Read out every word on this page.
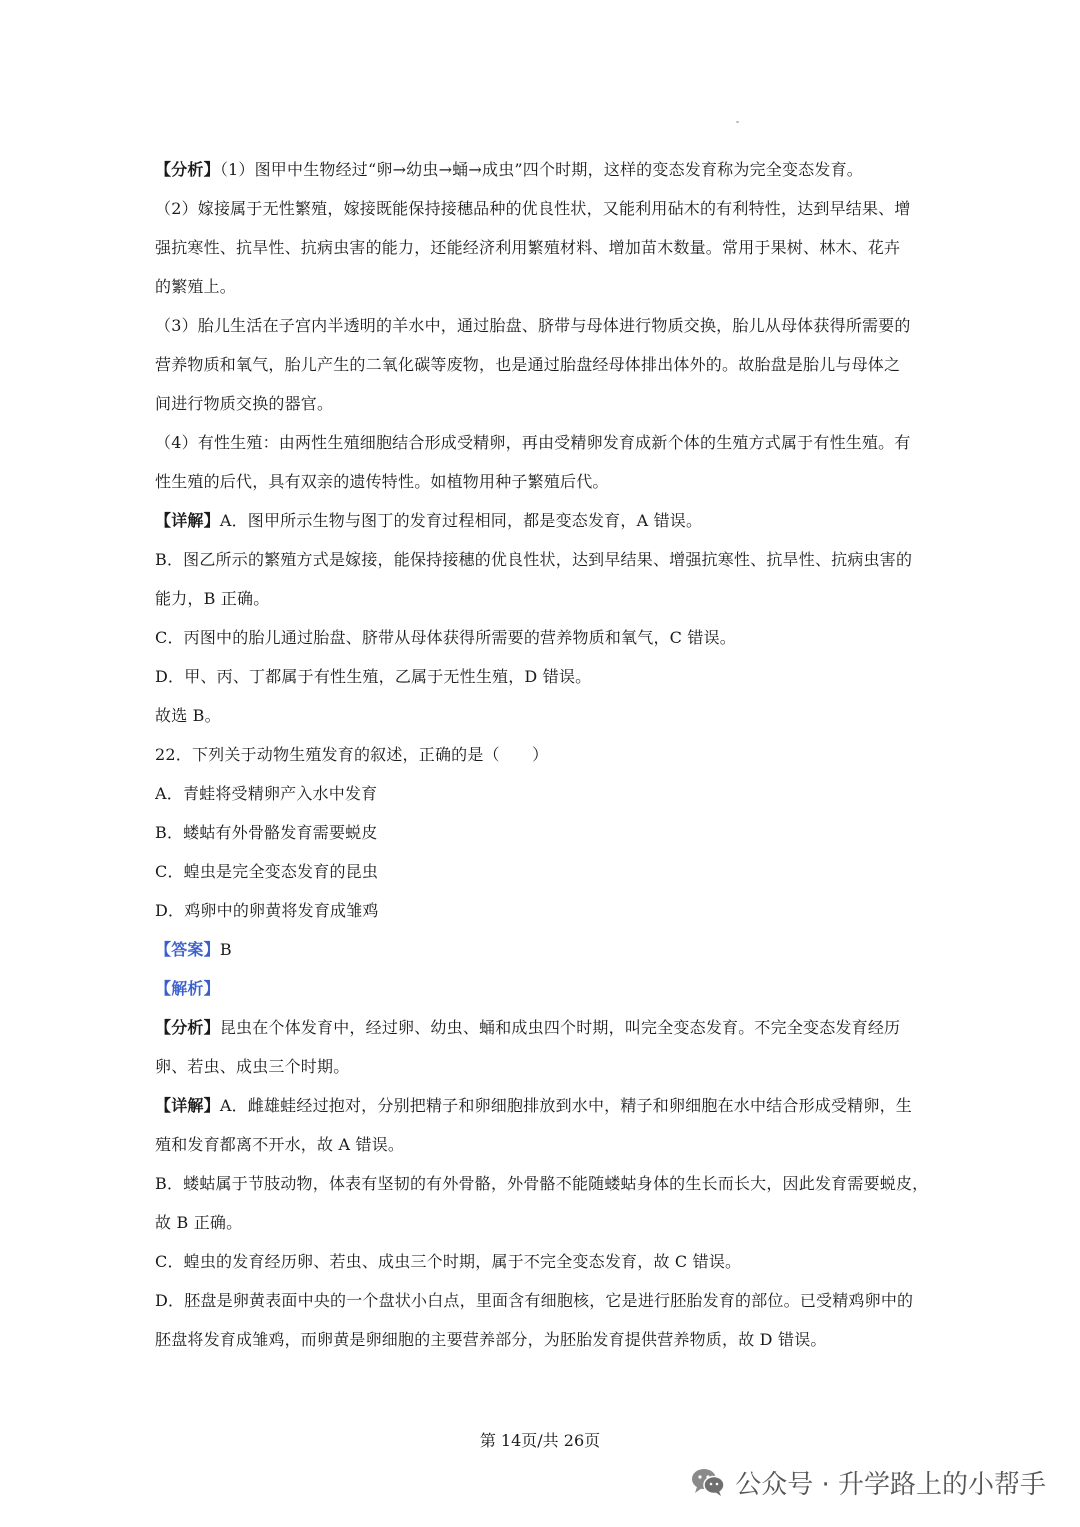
【分析】（1）图甲中生物经过“卵→幼虫→蛹→成虫”四个时期，这样的变态发育称为完全变态发育。
（2）嫁接属于无性繁殖，嫁接既能保持接穗品种的优良性状，又能利用砧木的有利特性，达到早结果、增
强抗寒性、抗旱性、抗病虫害的能力，还能经济利用繁殖材料、增加苗木数量。常用于果树、林木、花卉
的繁殖上。
（3）胎儿生活在子宫内半透明的羊水中，通过胎盘、脐带与母体进行物质交换，胎儿从母体获得所需要的
营养物质和氧气，胎儿产生的二氧化碳等废物，也是通过胎盘经母体排出体外的。故胎盘是胎儿与母体之
间进行物质交换的器官。
（4）有性生殖：由两性生殖细胞结合形成受精卵，再由受精卵发育成新个体的生殖方式属于有性生殖。有
性生殖的后代，具有双亲的遗传特性。如植物用种子繁殖后代。
【详解】A．图甲所示生物与图丁的发育过程相同，都是变态发育，A 错误。
B．图乙所示的繁殖方式是嫁接，能保持接穗的优良性状，达到早结果、增强抗寒性、抗旱性、抗病虫害的
能力，B 正确。
C．丙图中的胎儿通过胎盘、脐带从母体获得所需要的营养物质和氧气，C 错误。
D．甲、丙、丁都属于有性生殖，乙属于无性生殖，D 错误。
故选 B。
22．下列关于动物生殖发育的叙述，正确的是（　　）
A．青蛙将受精卵产入水中发育
B．蝼蛄有外骨骼发育需要蜕皮
C．蝗虫是完全变态发育的昆虫
D．鸡卵中的卵黄将发育成雏鸡
【答案】B
【解析】
【分析】昆虫在个体发育中，经过卵、幼虫、蛹和成虫四个时期，叫完全变态发育。不完全变态发育经历
卵、若虫、成虫三个时期。
【详解】A．雌雄蛙经过抱对，分别把精子和卵细胞排放到水中，精子和卵细胞在水中结合形成受精卵，生
殖和发育都离不开水，故 A 错误。
B．蝼蛄属于节肢动物，体表有坚韧的有外骨骼，外骨骼不能随蝼蛄身体的生长而长大，因此发育需要蜕皮，
故 B 正确。
C．蝗虫的发育经历卵、若虫、成虫三个时期，属于不完全变态发育，故 C 错误。
D．胚盘是卵黄表面中央的一个盘状小白点，里面含有细胞核，它是进行胚胎发育的部位。已受精鸡卵中的
胚盘将发育成雏鸡，而卵黄是卵细胞的主要营养部分，为胚胎发育提供营养物质，故 D 错误。
第 14页/共 26页
公众号 · 升学路上的小帮手
